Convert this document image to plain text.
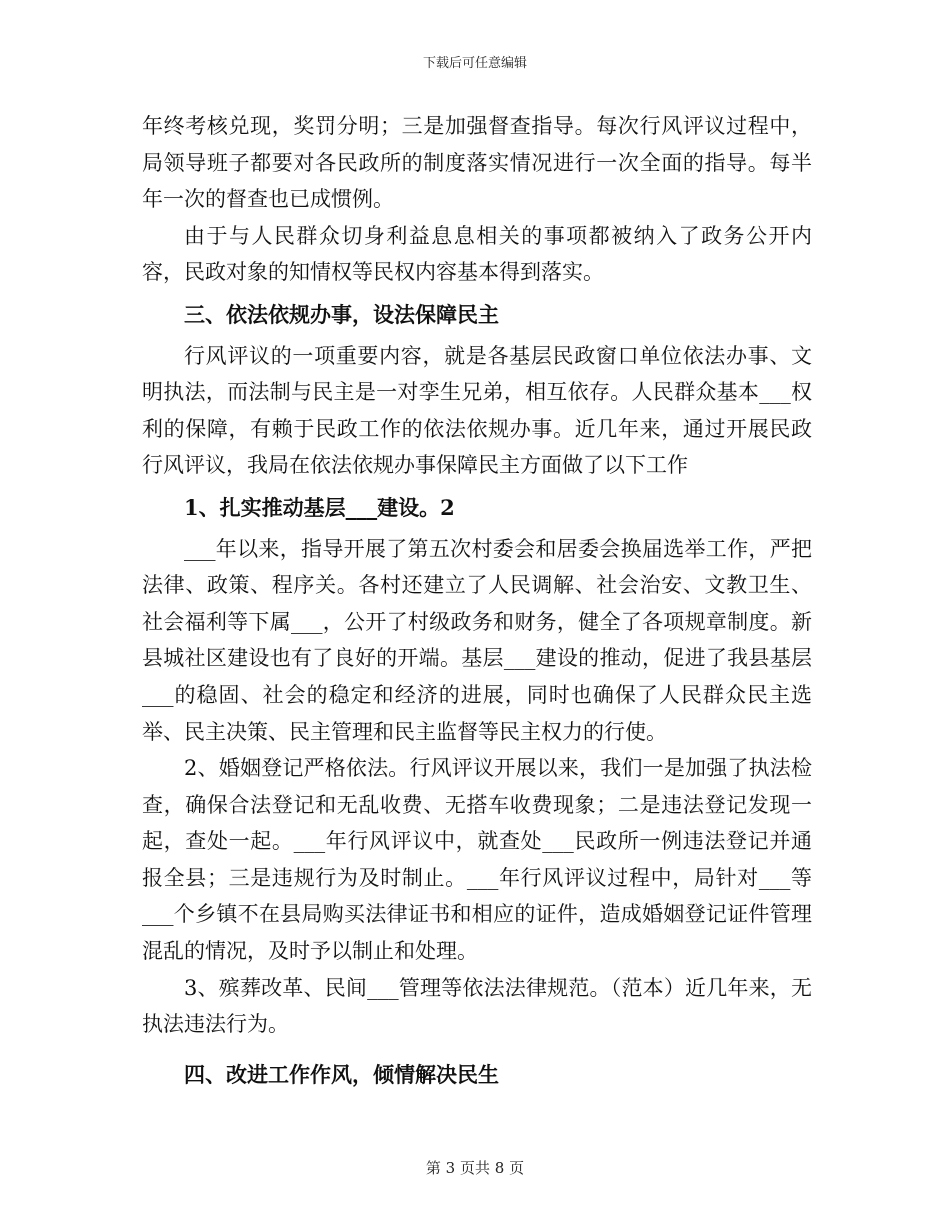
下载后可任意编辑

年终考核兑现，奖罚分明；三是加强督查指导。每次行风评议过程中，局领导班子都要对各民政所的制度落实情况进行一次全面的指导。每半年一次的督查也已成惯例。

由于与人民群众切身利益息息相关的事项都被纳入了政务公开内容，民政对象的知情权等民权内容基本得到落实。

三、依法依规办事，设法保障民主

行风评议的一项重要内容，就是各基层民政窗口单位依法办事、文明执法，而法制与民主是一对孪生兄弟，相互依存。人民群众基本___权利的保障，有赖于民政工作的依法依规办事。近几年来，通过开展民政行风评议，我局在依法依规办事保障民主方面做了以下工作

1、扎实推动基层___建设。2

___年以来，指导开展了第五次村委会和居委会换届选举工作，严把法律、政策、程序关。各村还建立了人民调解、社会治安、文教卫生、社会福利等下属___，公开了村级政务和财务，健全了各项规章制度。新县城社区建设也有了良好的开端。基层___建设的推动，促进了我县基层___的稳固、社会的稳定和经济的进展，同时也确保了人民群众民主选举、民主决策、民主管理和民主监督等民主权力的行使。

2、婚姻登记严格依法。行风评议开展以来，我们一是加强了执法检查，确保合法登记和无乱收费、无搭车收费现象；二是违法登记发现一起，查处一起。___年行风评议中，就查处___民政所一例违法登记并通报全县；三是违规行为及时制止。___年行风评议过程中，局针对___等___个乡镇不在县局购买法律证书和相应的证件，造成婚姻登记证件管理混乱的情况，及时予以制止和处理。

3、殡葬改革、民间___管理等依法法律规范。（范本）近几年来，无执法违法行为。

四、改进工作作风，倾情解决民生

第 3 页共 8 页
